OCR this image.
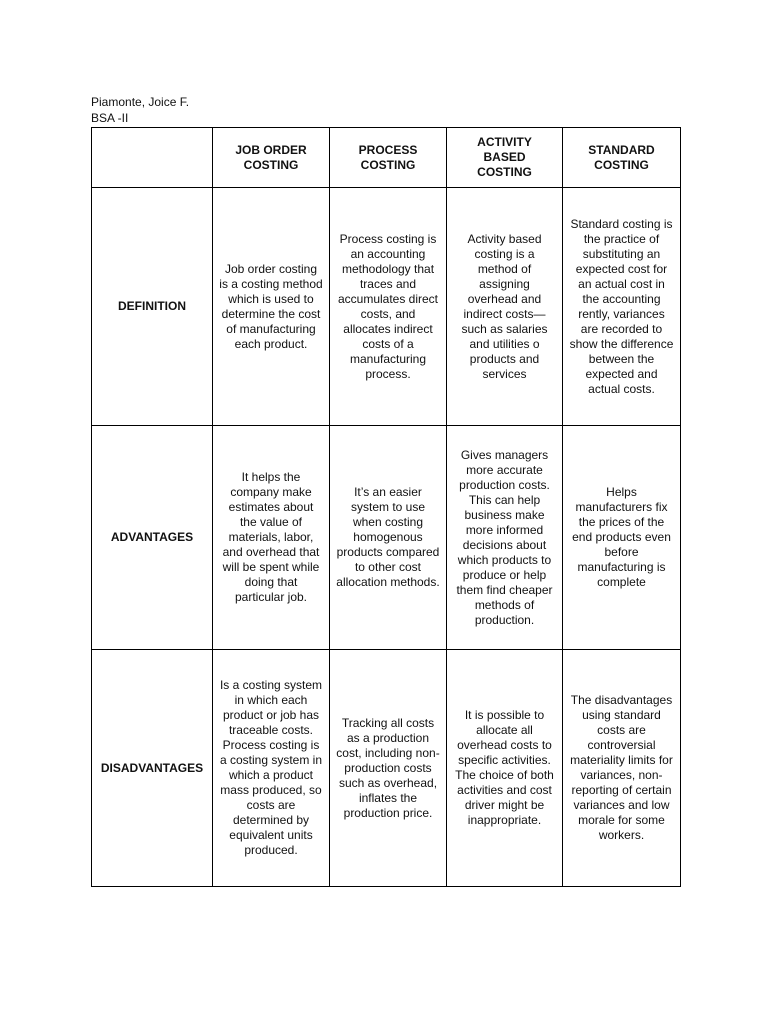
Piamonte, Joice F.
BSA -II

	JOB ORDER COSTING	PROCESS COSTING	ACTIVITY BASED COSTING	STANDARD COSTING

DEFINITION	Job order costing is a costing method which is used to determine the cost of manufacturing each product.	Process costing is an accounting methodology that traces and accumulates direct costs, and allocates indirect costs of a manufacturing process.	Activity based costing is a method of assigning overhead and indirect costs— such as salaries and utilities o products and services	Standard costing is the practice of substituting an expected cost for an actual cost in the accounting rently, variances are recorded to show the difference between the expected and actual costs.

ADVANTAGES	It helps the company make estimates about the value of materials, labor, and overhead that will be spent while doing that particular job.	It’s an easier system to use when costing homogenous products compared to other cost allocation methods.	Gives managers more accurate production costs. This can help business make more informed decisions about which products to produce or help them find cheaper methods of production.	Helps manufacturers fix the prices of the end products even before manufacturing is complete

DISADVANTAGES	Is a costing system in which each product or job has traceable costs. Process costing is a costing system in which a product mass produced, so costs are determined by equivalent units produced.	Tracking all costs as a production cost, including non-production costs such as overhead, inflates the production price.	It is possible to allocate all overhead costs to specific activities. The choice of both activities and cost driver might be inappropriate.	The disadvantages using standard costs are controversial materiality limits for variances, non-reporting of certain variances and low morale for some workers.
